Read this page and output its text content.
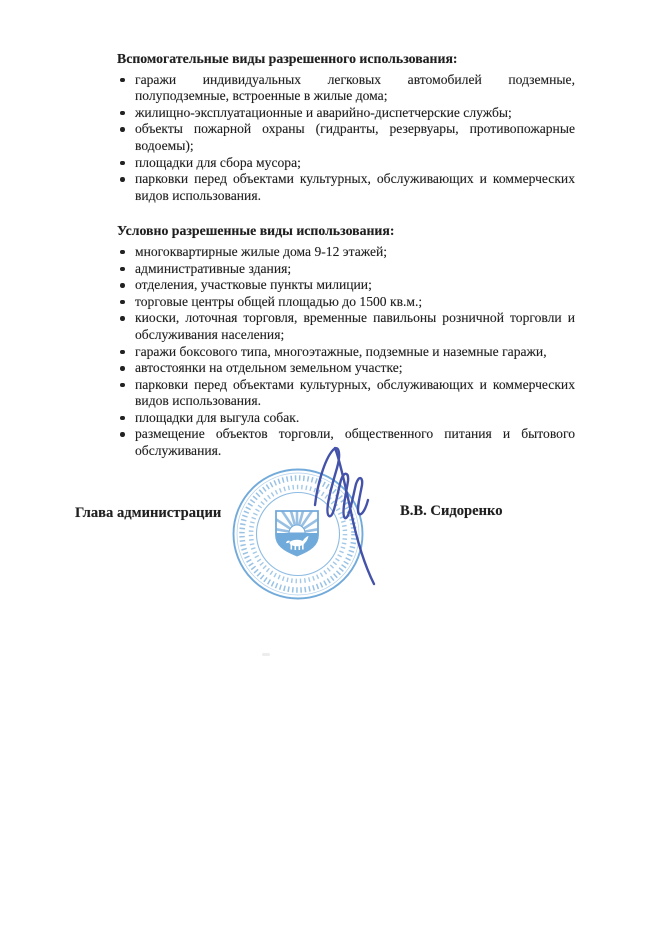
Вспомогательные виды разрешенного использования:

гаражи индивидуальных легковых автомобилей подземные, полуподземные, встроенные в жилые дома;
жилищно-эксплуатационные и аварийно-диспетчерские службы;
объекты пожарной охраны (гидранты, резервуары, противопожарные водоемы);
площадки для сбора мусора;
парковки перед объектами культурных, обслуживающих и коммерческих видов использования.

Условно разрешенные виды использования:

многоквартирные жилые дома 9-12 этажей;
административные здания;
отделения, участковые пункты милиции;
торговые центры общей площадью до 1500 кв.м.;
киоски, лоточная торговля, временные павильоны розничной торговли и обслуживания населения;
гаражи боксового типа, многоэтажные, подземные и наземные гаражи,
автостоянки на отдельном земельном участке;
парковки перед объектами культурных, обслуживающих и коммерческих видов использования.
площадки для выгула собак.
размещение объектов торговли, общественного питания и бытового обслуживания.
Глава администрации	В.В. Сидоренко
